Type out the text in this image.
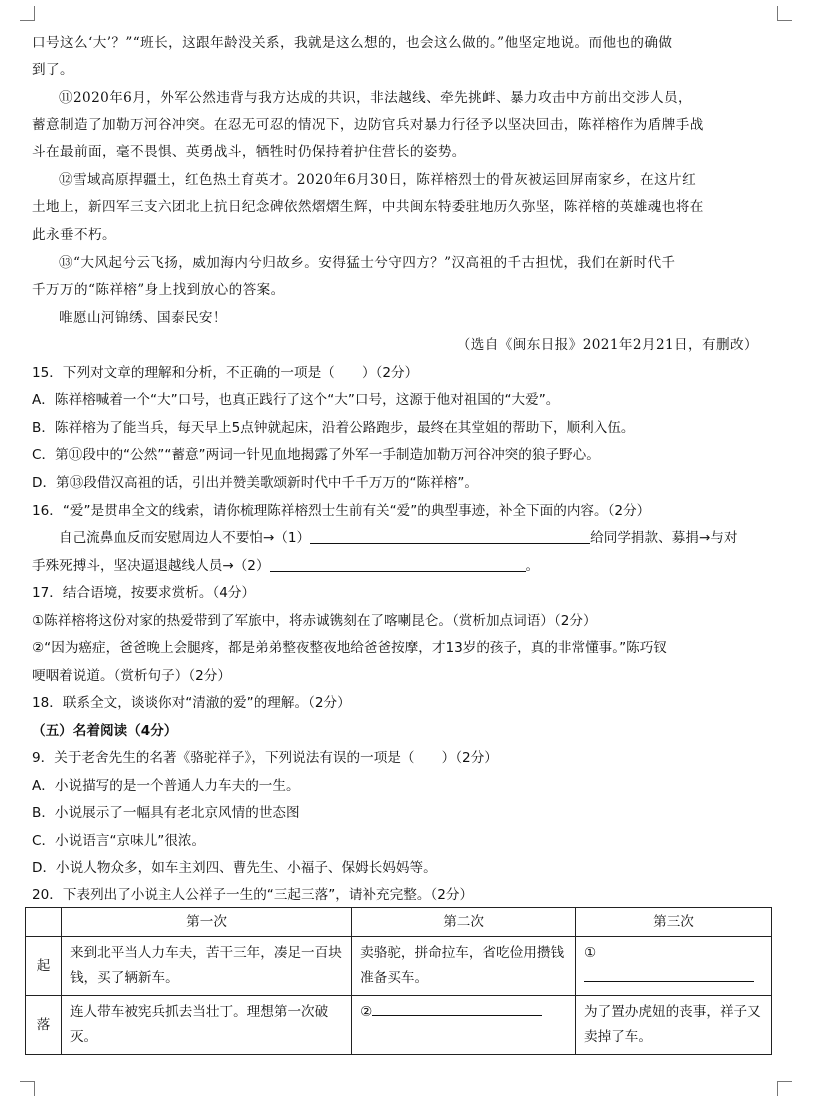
口号这么‘大’？”“班长，这跟年龄没关系，我就是这么想的，也会这么做的。”他坚定地说。而他也的确做
到了。
⑪2020年6月，外军公然违背与我方达成的共识，非法越线、牵先挑衅、暴力攻击中方前出交涉人员，
蓄意制造了加勒万河谷冲突。在忍无可忍的情况下，边防官兵对暴力行径予以坚决回击，陈祥榕作为盾牌手战
斗在最前面，毫不畏惧、英勇战斗，牺牲时仍保持着护住营长的姿势。
⑫雪域高原捍疆土，红色热土育英才。2020年6月30日，陈祥榕烈士的骨灰被运回屏南家乡，在这片红
土地上，新四军三支六团北上抗日纪念碑依然熠熠生辉，中共闽东特委驻地历久弥坚，陈祥榕的英雄魂也将在
此永垂不朽。
⑬“大风起兮云飞扬，威加海内兮归故乡。安得猛士兮守四方？”汉高祖的千古担忧，我们在新时代千
千万万的“陈祥榕”身上找到放心的答案。
唯愿山河锦绣、国泰民安！
（选自《闽东日报》2021年2月21日，有删改）
15．下列对文章的理解和分析，不正确的一项是（　　）（2分）
A．陈祥榕喊着一个“大”口号，也真正践行了这个“大”口号，这源于他对祖国的“大爱”。
B．陈祥榕为了能当兵，每天早上5点钟就起床，沿着公路跑步，最终在其堂姐的帮助下，顺利入伍。
C．第⑪段中的“公然”“蓄意”两词一针见血地揭露了外军一手制造加勒万河谷冲突的狼子野心。
D．第⑬段借汉高祖的话，引出并赞美歌颂新时代中千千万万的“陈祥榕”。
16．“爱”是贯串全文的线索，请你梳理陈祥榕烈士生前有关“爱”的典型事迹，补全下面的内容。（2分）
自己流鼻血反而安慰周边人不要怕→（1）	给同学捐款、募捐→与对
手殊死搏斗，坚决逼退越线人员→（2）	。
17．结合语境，按要求赏析。（4分）
①陈祥榕将这份对家的热爱带到了军旅中，将赤诚镌刻在了喀喇昆仑。（赏析加点词语）（2分）
②“因为癌症，爸爸晚上会腿疼，都是弟弟整夜整夜地给爸爸按摩，才13岁的孩子，真的非常懂事。”陈巧钗
哽咽着说道。（赏析句子）（2分）
18．联系全文，谈谈你对“清澈的爱”的理解。（2分）
（五）名着阅读（4分）
9．关于老舍先生的名著《骆驼祥子》，下列说法有误的一项是（　　）（2分）
A．小说描写的是一个普通人力车夫的一生。
B．小说展示了一幅具有老北京风情的世态图
C．小说语言“京味儿”很浓。
D．小说人物众多，如车主刘四、曹先生、小福子、保姆长妈妈等。
20．下表列出了小说主人公祥子一生的“三起三落”，请补充完整。（2分）
	第一次	第二次	第三次
起	来到北平当人力车夫，苦干三年，凑足一百块钱，买了辆新车。	卖骆驼，拼命拉车，省吃俭用攒钱准备买车。	①

落	连人带车被宪兵抓去当壮丁。理想第一次破灭。	②	为了置办虎妞的丧事，祥子又卖掉了车。
